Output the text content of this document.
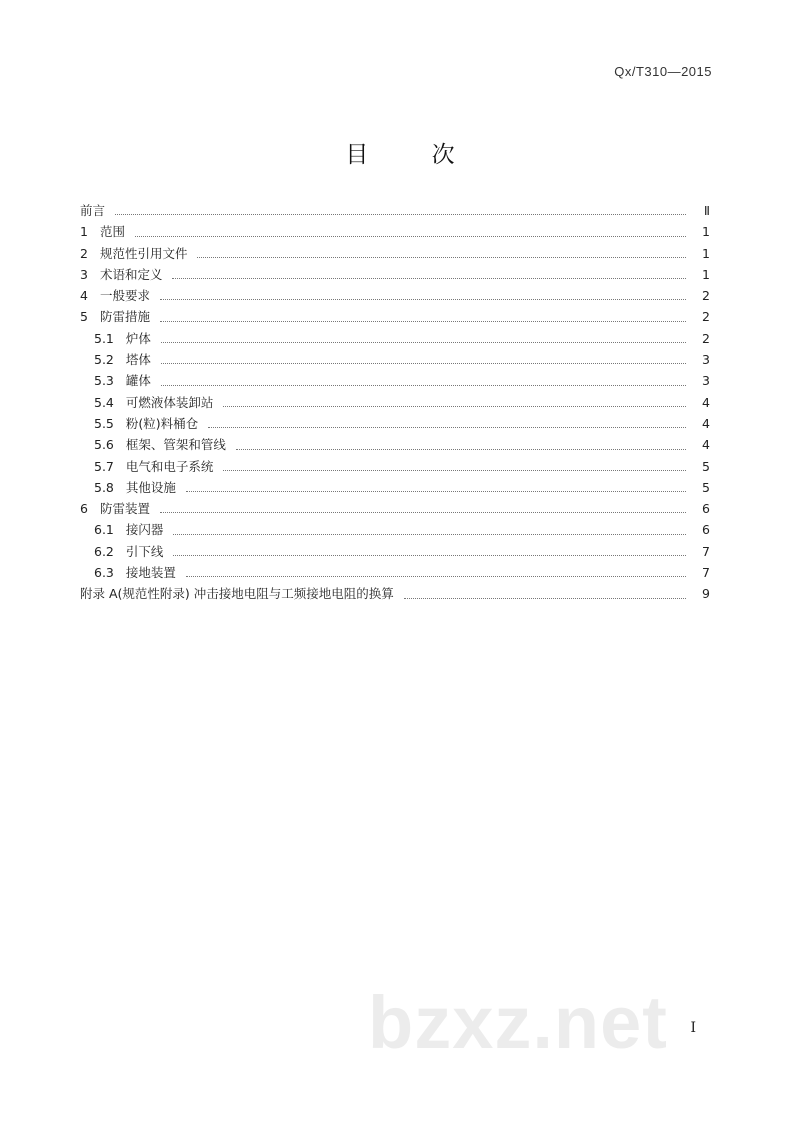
Qx/T310—2015
目 次
前言	Ⅱ
1 范围	1
2 规范性引用文件	1
3 术语和定义	1
4 一般要求	2
5 防雷措施	2
5.1 炉体	2
5.2 塔体	3
5.3 罐体	3
5.4 可燃液体装卸站	4
5.5 粉(粒)料桶仓	4
5.6 框架、管架和管线	4
5.7 电气和电子系统	5
5.8 其他设施	5
6 防雷装置	6
6.1 接闪器	6
6.2 引下线	7
6.3 接地装置	7
附录 A(规范性附录) 冲击接地电阻与工频接地电阻的换算	9
I
bzxz.net
